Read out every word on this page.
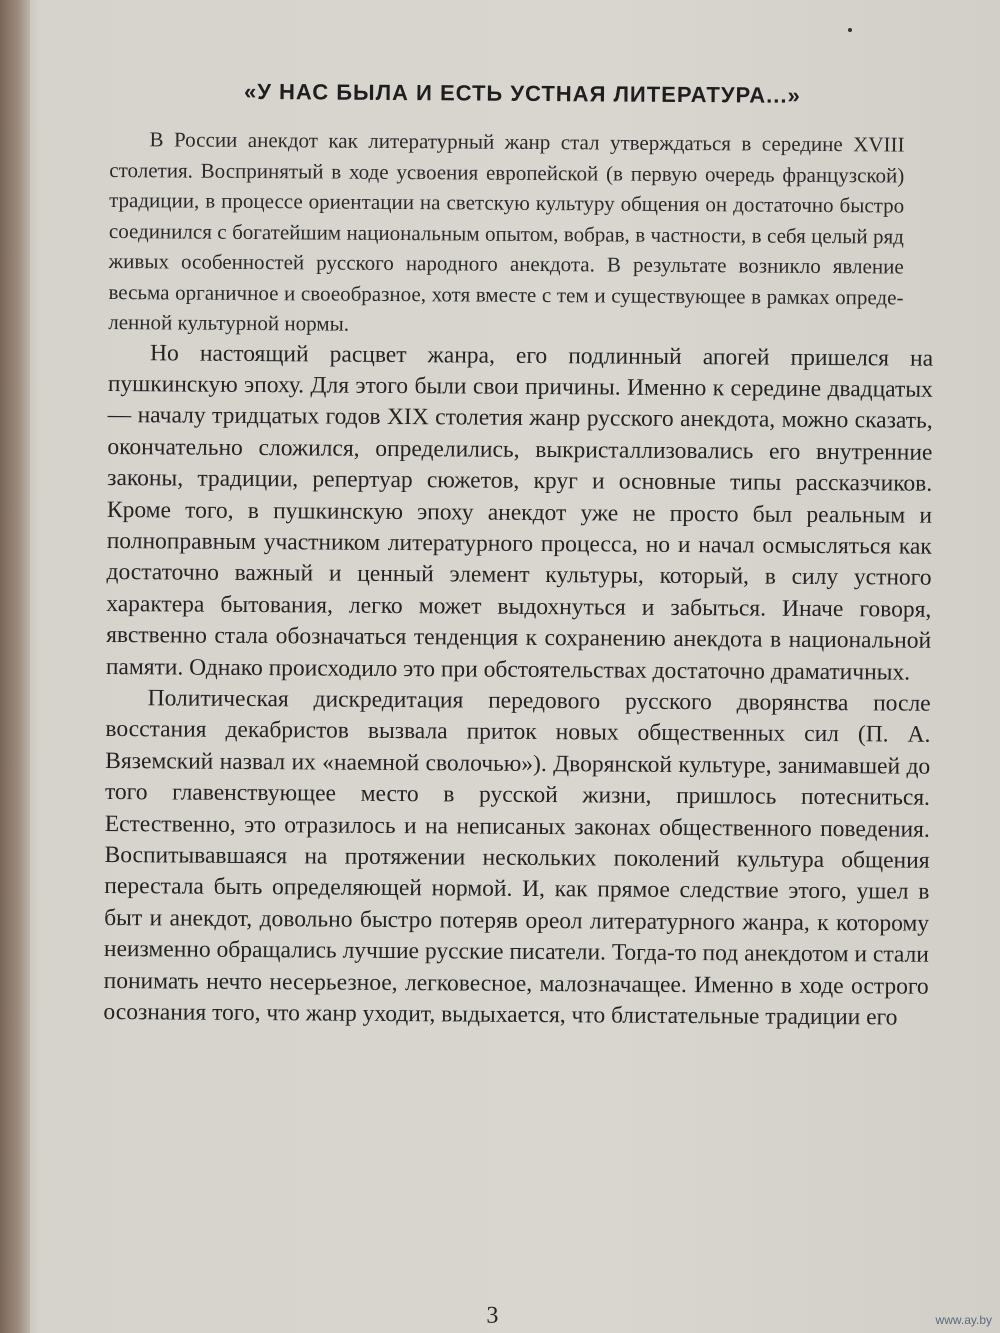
«У НАС БЫЛА И ЕСТЬ УСТНАЯ ЛИТЕРАТУРА...»

В России анекдот как литературный жанр стал утверждаться в середине XVIII столетия. Воспринятый в ходе усвоения европейской (в первую очередь французской) традиции, в процессе ориентации на светскую культуру общения он достаточно быстро соединился с богатейшим национальным опытом, вобрав, в частности, в себя целый ряд живых особенностей русского народного анекдота. В результате возникло явление весьма органичное и своеобразное, хотя вместе с тем и существующее в рамках определенной культурной нормы.

Но настоящий расцвет жанра, его подлинный апогей пришелся на пушкинскую эпоху. Для этого были свои причины. Именно к середине двадцатых — началу тридцатых годов XIX столетия жанр русского анекдота, можно сказать, окончательно сложился, определились, выкристаллизовались его внутренние законы, традиции, репертуар сюжетов, круг и основные типы рассказчиков. Кроме того, в пушкинскую эпоху анекдот уже не просто был реальным и полноправным участником литературного процесса, но и начал осмысляться как достаточно важный и ценный элемент культуры, который, в силу устного характера бытования, легко может выдохнуться и забыться. Иначе говоря, явственно стала обозначаться тенденция к сохранению анекдота в национальной памяти. Однако происходило это при обстоятельствах достаточно драматичных.

Политическая дискредитация передового русского дворянства после восстания декабристов вызвала приток новых общественных сил (П. А. Вяземский назвал их «наемной сволочью»). Дворянской культуре, занимавшей до того главенствующее место в русской жизни, пришлось потесниться. Естественно, это отразилось и на неписаных законах общественного поведения. Воспитывавшаяся на протяжении нескольких поколений культура общения перестала быть определяющей нормой. И, как прямое следствие этого, ушел в быт и анекдот, довольно быстро потеряв ореол литературного жанра, к которому неизменно обращались лучшие русские писатели. Тогда-то под анекдотом и стали понимать нечто несерьезное, легковесное, малозначащее. Именно в ходе острого осознания того, что жанр уходит, выдыхается, что блистательные традиции его

3	www.ay.by
